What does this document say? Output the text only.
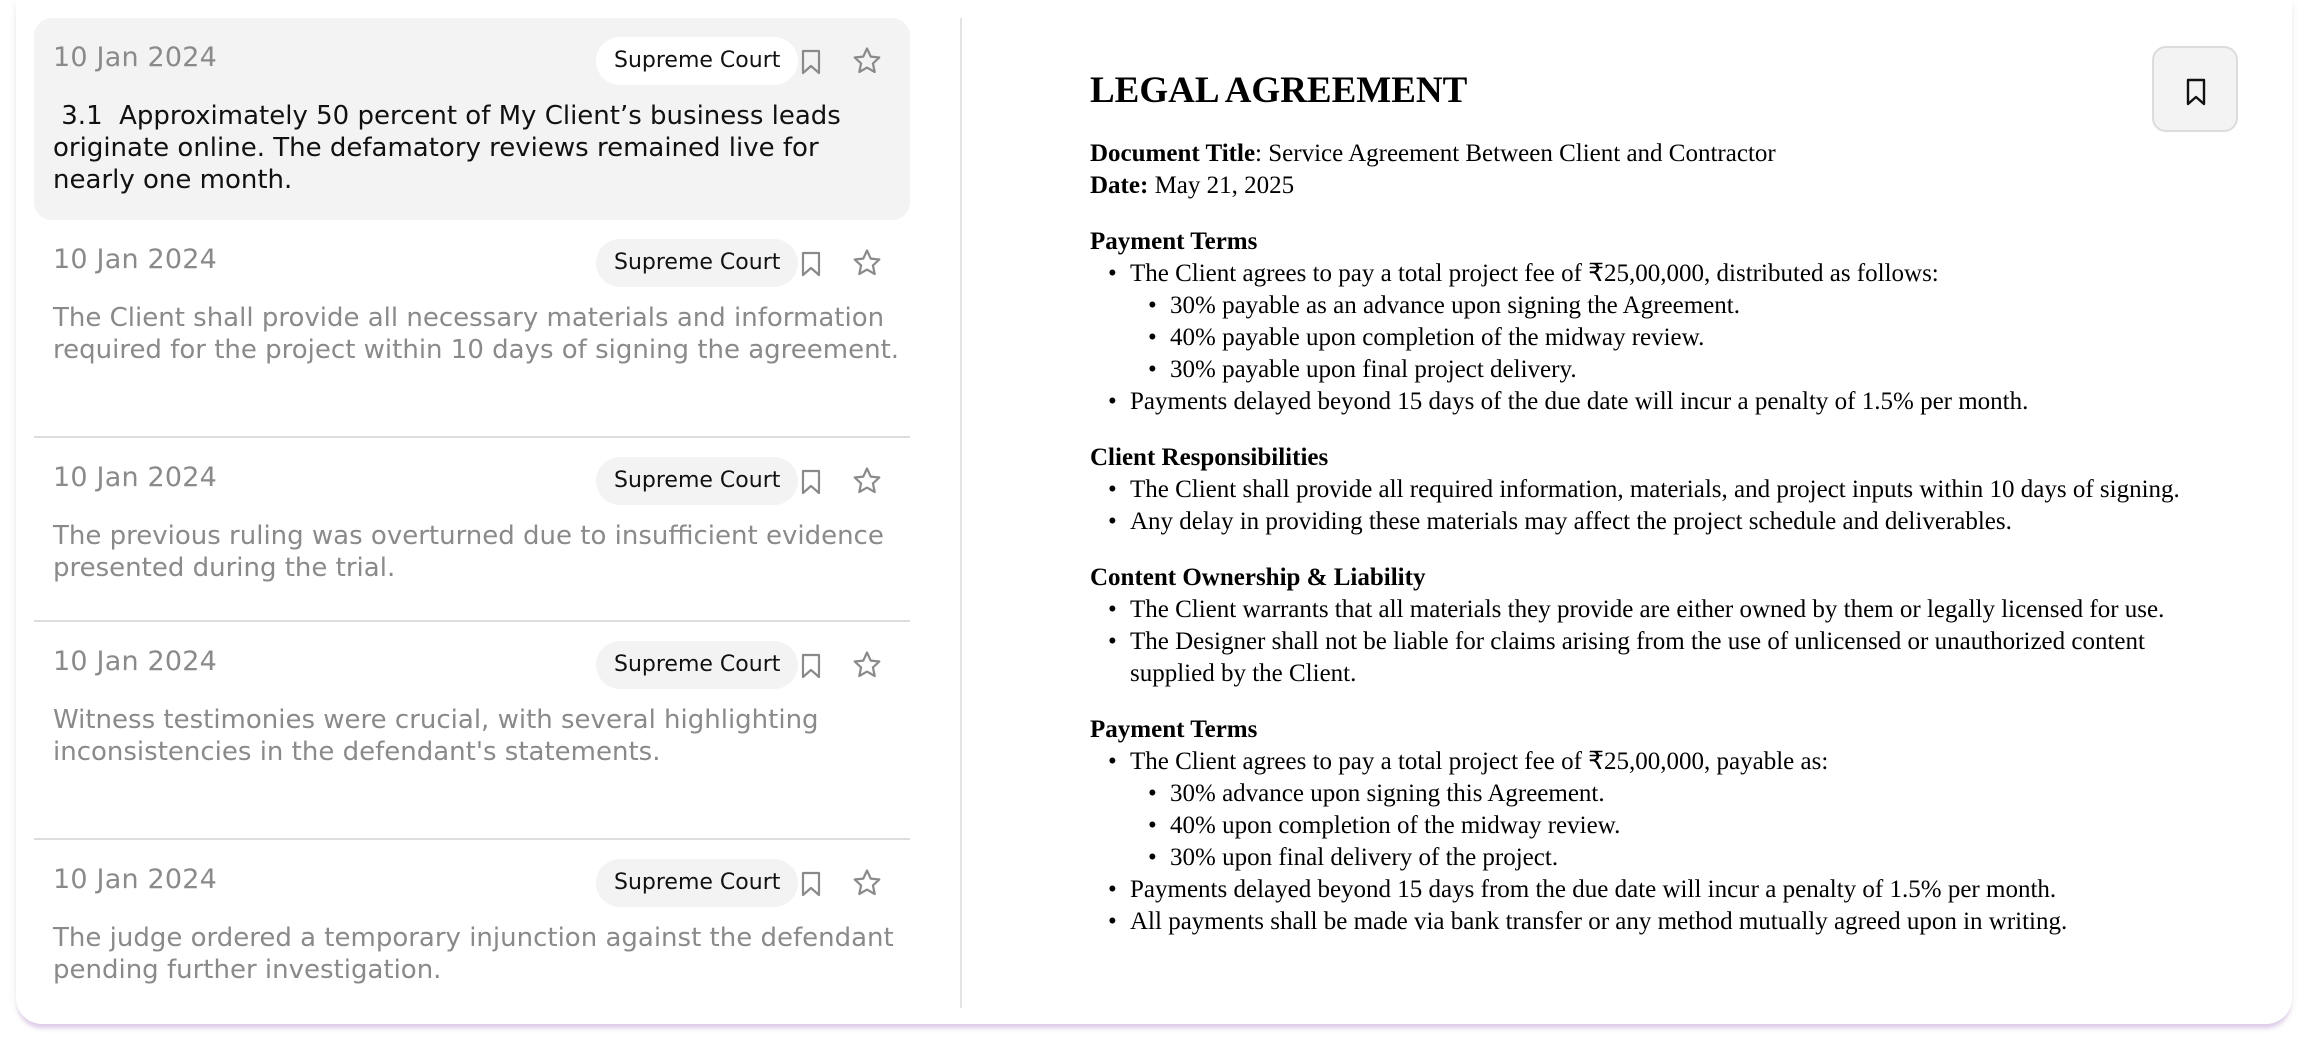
10 Jan 2024	Supreme Court
3.1  Approximately 50 percent of My Client’s business leads originate online. The defamatory reviews remained live for nearly one month.
10 Jan 2024	Supreme Court
The Client shall provide all necessary materials and information required for the project within 10 days of signing the agreement.
10 Jan 2024	Supreme Court
The previous ruling was overturned due to insufficient evidence presented during the trial.
10 Jan 2024	Supreme Court
Witness testimonies were crucial, with several highlighting inconsistencies in the defendant's statements.
10 Jan 2024	Supreme Court
The judge ordered a temporary injunction against the defendant pending further investigation.
LEGAL AGREEMENT

Document Title: Service Agreement Between Client and Contractor

Date: May 21, 2025

Payment Terms
• The Client agrees to pay a total project fee of ₹25,00,000, distributed as follows:
• 30% payable as an advance upon signing the Agreement.
• 40% payable upon completion of the midway review.
• 30% payable upon final project delivery.
• Payments delayed beyond 15 days of the due date will incur a penalty of 1.5% per month.
Client Responsibilities
• The Client shall provide all required information, materials, and project inputs within 10 days of signing.
• Any delay in providing these materials may affect the project schedule and deliverables.
Content Ownership & Liability
• The Client warrants that all materials they provide are either owned by them or legally licensed for use.
• The Designer shall not be liable for claims arising from the use of unlicensed or unauthorized content supplied by the Client.
Payment Terms
• The Client agrees to pay a total project fee of ₹25,00,000, payable as:
• 30% advance upon signing this Agreement.
• 40% upon completion of the midway review.
• 30% upon final delivery of the project.
• Payments delayed beyond 15 days from the due date will incur a penalty of 1.5% per month.
• All payments shall be made via bank transfer or any method mutually agreed upon in writing.
